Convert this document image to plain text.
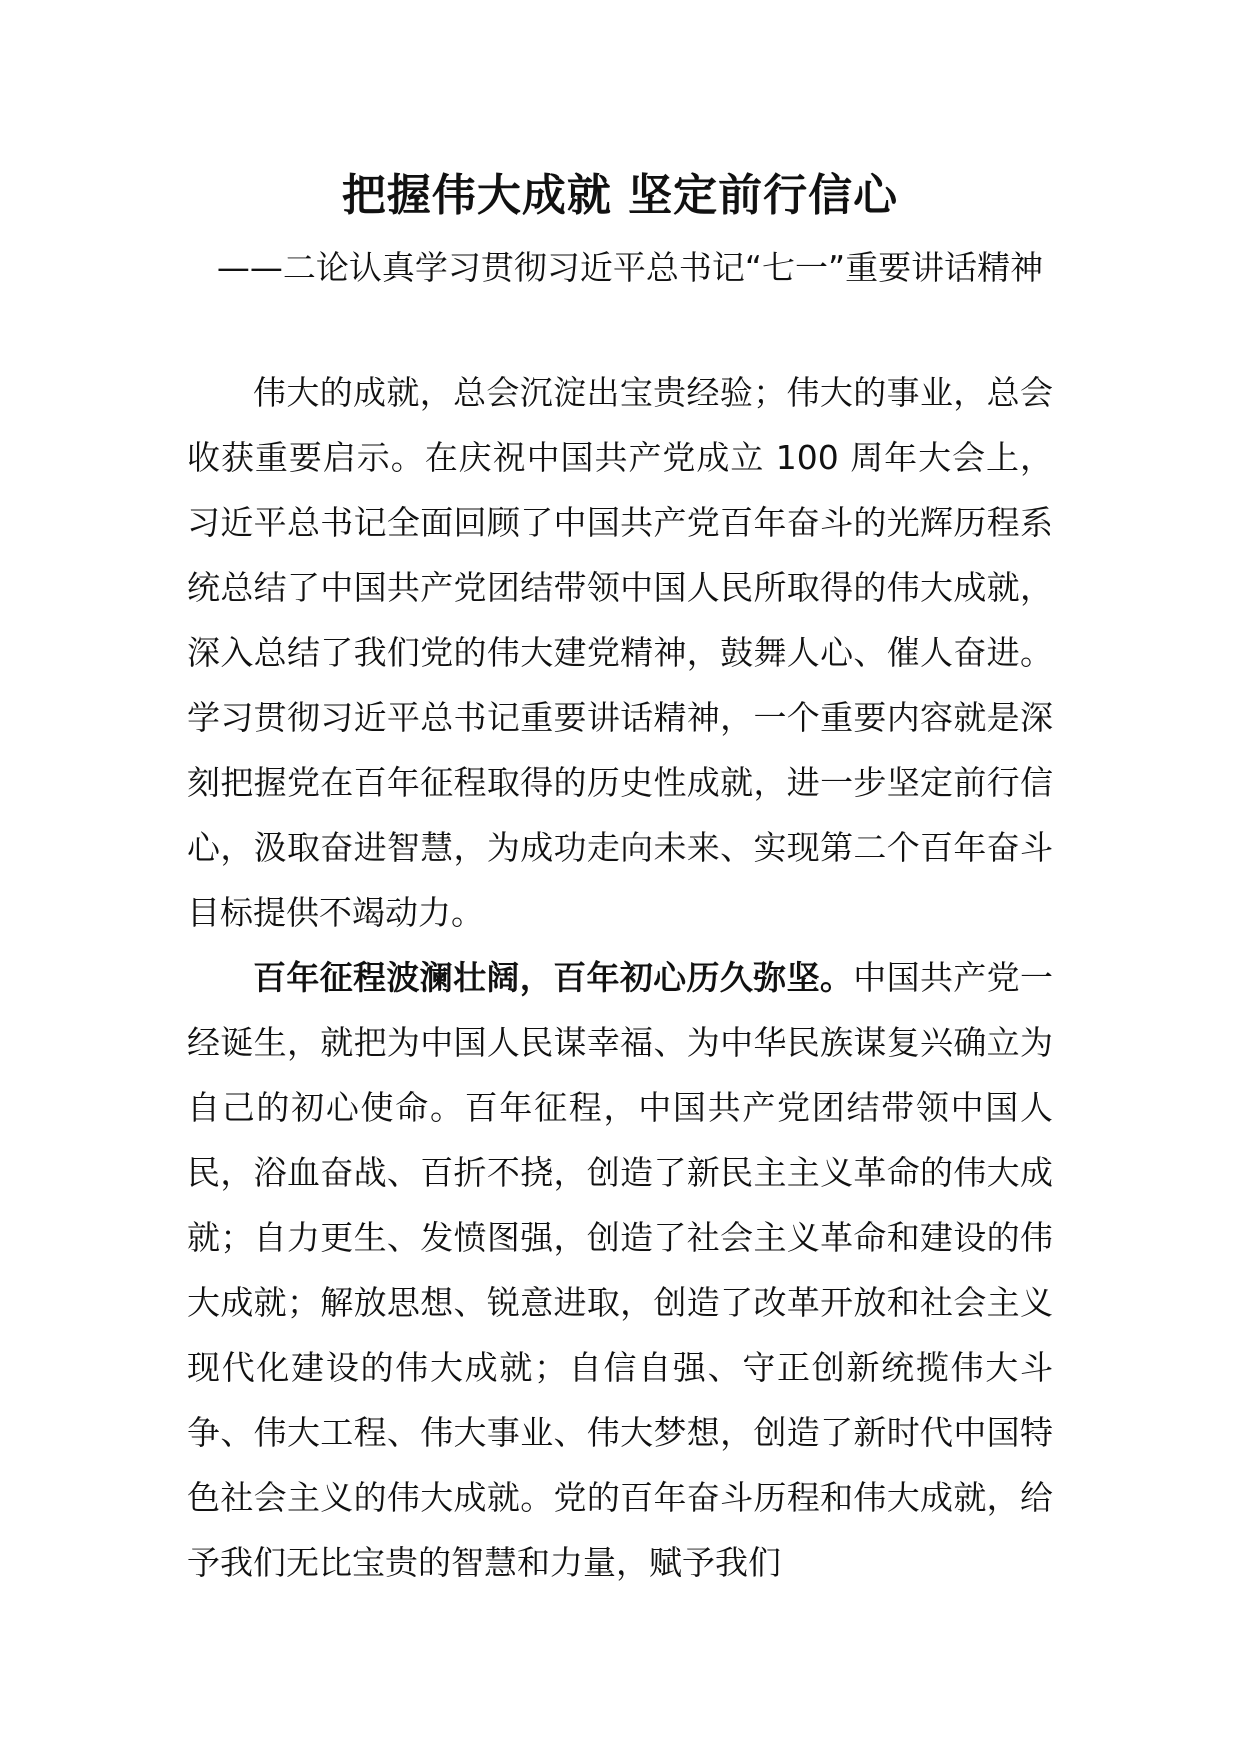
把握伟大成就 坚定前行信心
——二论认真学习贯彻习近平总书记“七一”重要讲话精神

伟大的成就，总会沉淀出宝贵经验；伟大的事业，总会收获重要启示。在庆祝中国共产党成立 100 周年大会上，习近平总书记全面回顾了中国共产党百年奋斗的光辉历程系统总结了中国共产党团结带领中国人民所取得的伟大成就，深入总结了我们党的伟大建党精神，鼓舞人心、催人奋进。学习贯彻习近平总书记重要讲话精神，一个重要内容就是深刻把握党在百年征程取得的历史性成就，进一步坚定前行信心，汲取奋进智慧，为成功走向未来、实现第二个百年奋斗目标提供不竭动力。

百年征程波澜壮阔，百年初心历久弥坚。中国共产党一经诞生，就把为中国人民谋幸福、为中华民族谋复兴确立为自己的初心使命。百年征程，中国共产党团结带领中国人民，浴血奋战、百折不挠，创造了新民主主义革命的伟大成就；自力更生、发愤图强，创造了社会主义革命和建设的伟大成就；解放思想、锐意进取，创造了改革开放和社会主义现代化建设的伟大成就；自信自强、守正创新统揽伟大斗争、伟大工程、伟大事业、伟大梦想，创造了新时代中国特色社会主义的伟大成就。党的百年奋斗历程和伟大成就，给予我们无比宝贵的智慧和力量，赋予我们
